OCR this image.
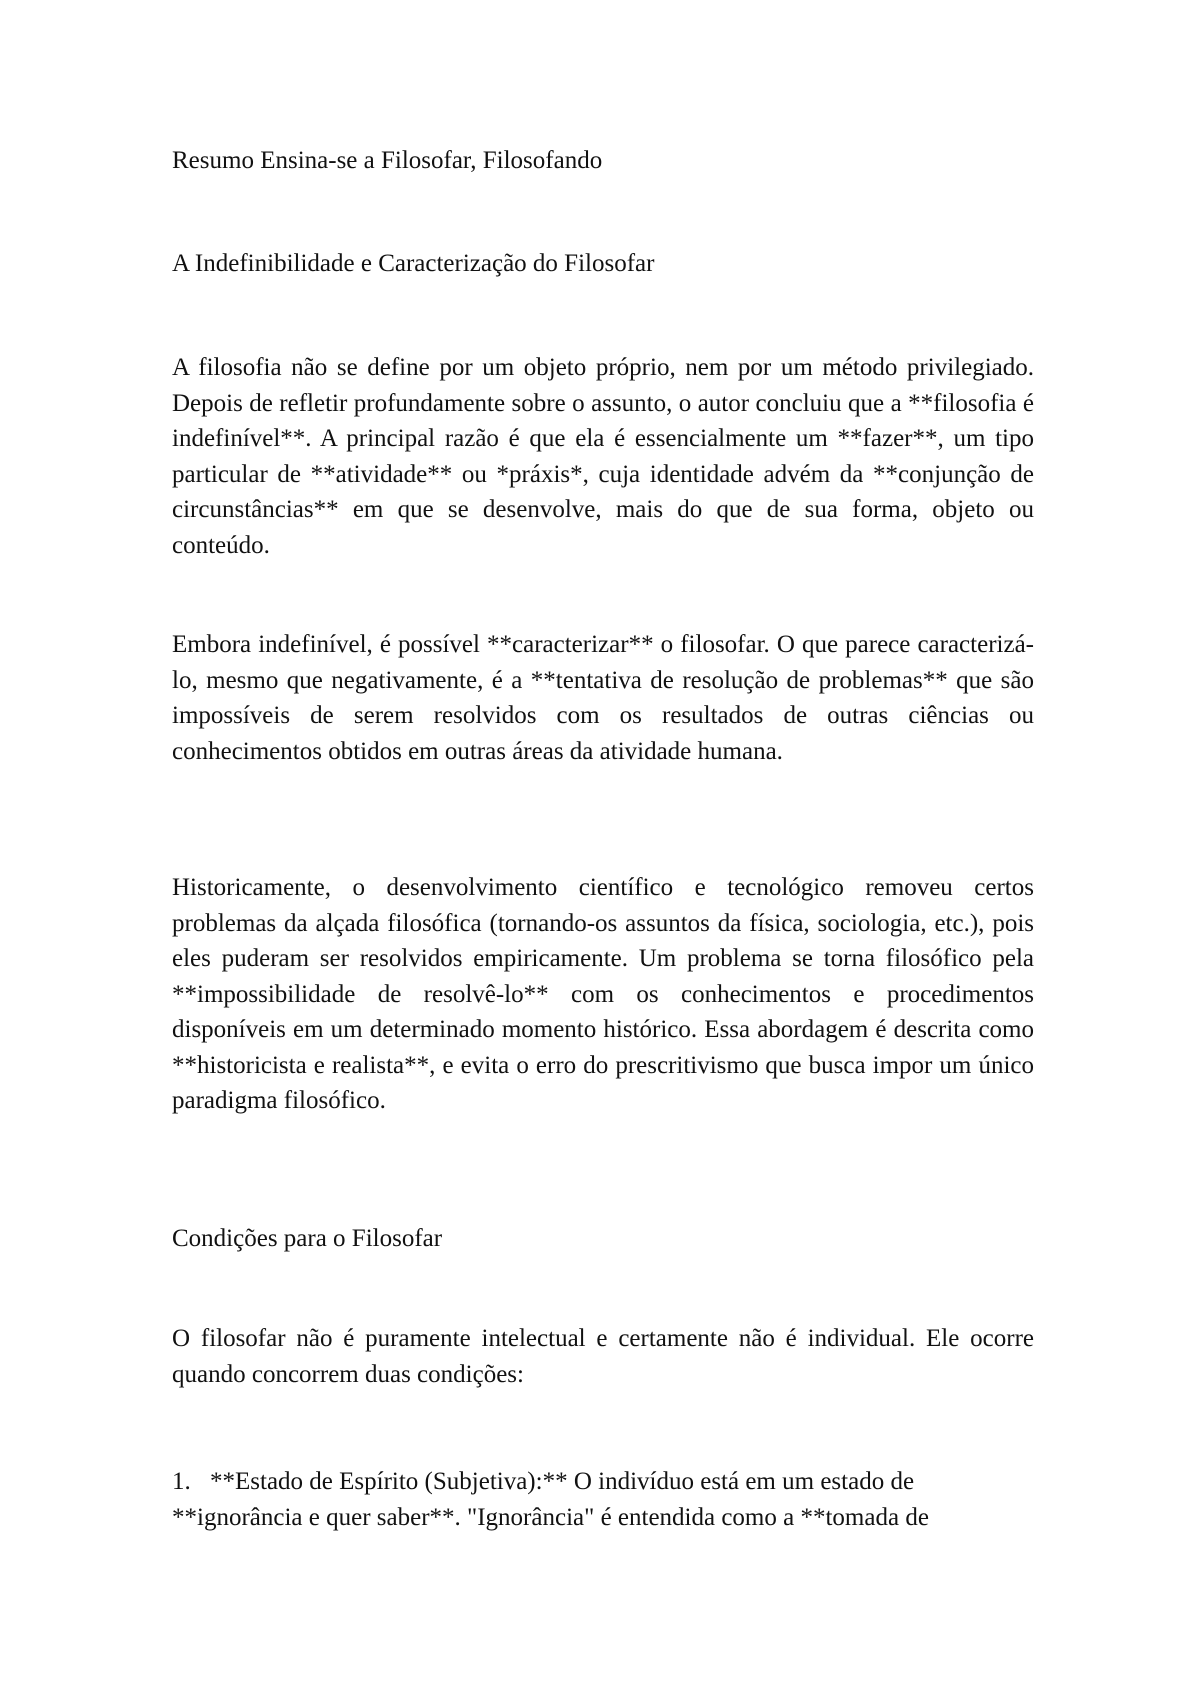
Resumo Ensina-se a Filosofar, Filosofando
A Indefinibilidade e Caracterização do Filosofar

A filosofia não se define por um objeto próprio, nem por um método privilegiado. Depois de refletir profundamente sobre o assunto, o autor concluiu que a **filosofia é indefinível**. A principal razão é que ela é essencialmente um **fazer**, um tipo particular de **atividade** ou *práxis*, cuja identidade advém da **conjunção de circunstâncias** em que se desenvolve, mais do que de sua forma, objeto ou conteúdo.

Embora indefinível, é possível **caracterizar** o filosofar. O que parece caracterizá-lo, mesmo que negativamente, é a **tentativa de resolução de problemas** que são impossíveis de serem resolvidos com os resultados de outras ciências ou conhecimentos obtidos em outras áreas da atividade humana.

Historicamente, o desenvolvimento científico e tecnológico removeu certos problemas da alçada filosófica (tornando-os assuntos da física, sociologia, etc.), pois eles puderam ser resolvidos empiricamente. Um problema se torna filosófico pela **impossibilidade de resolvê-lo** com os conhecimentos e procedimentos disponíveis em um determinado momento histórico. Essa abordagem é descrita como **historicista e realista**, e evita o erro do prescritivismo que busca impor um único paradigma filosófico.

Condições para o Filosofar

O filosofar não é puramente intelectual e certamente não é individual. Ele ocorre quando concorrem duas condições:

1. **Estado de Espírito (Subjetiva):** O indivíduo está em um estado de **ignorância e quer saber**. "Ignorância" é entendida como a **tomada de
